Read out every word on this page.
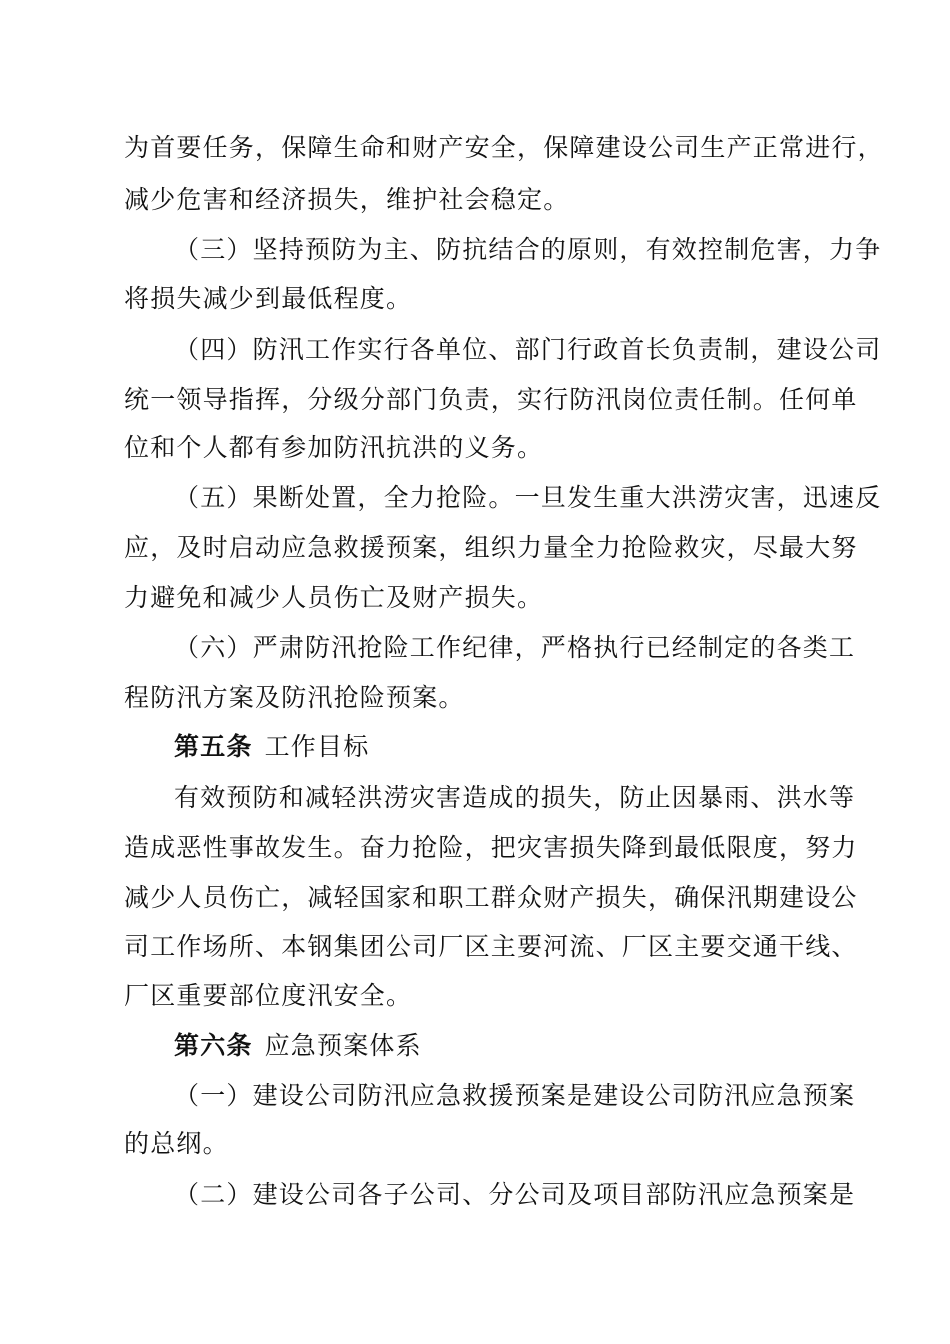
为首要任务，保障生命和财产安全，保障建设公司生产正常进行，
减少危害和经济损失，维护社会稳定。
（三）坚持预防为主、防抗结合的原则，有效控制危害，力争
将损失减少到最低程度。
（四）防汛工作实行各单位、部门行政首长负责制，建设公司
统一领导指挥，分级分部门负责，实行防汛岗位责任制。任何单
位和个人都有参加防汛抗洪的义务。
（五）果断处置，全力抢险。一旦发生重大洪涝灾害，迅速反
应，及时启动应急救援预案，组织力量全力抢险救灾，尽最大努
力避免和减少人员伤亡及财产损失。
（六）严肃防汛抢险工作纪律，严格执行已经制定的各类工
程防汛方案及防汛抢险预案。
第五条 工作目标
有效预防和减轻洪涝灾害造成的损失，防止因暴雨、洪水等
造成恶性事故发生。奋力抢险，把灾害损失降到最低限度，努力
减少人员伤亡，减轻国家和职工群众财产损失，确保汛期建设公
司工作场所、本钢集团公司厂区主要河流、厂区主要交通干线、
厂区重要部位度汛安全。
第六条 应急预案体系
（一）建设公司防汛应急救援预案是建设公司防汛应急预案
的总纲。
（二）建设公司各子公司、分公司及项目部防汛应急预案是
